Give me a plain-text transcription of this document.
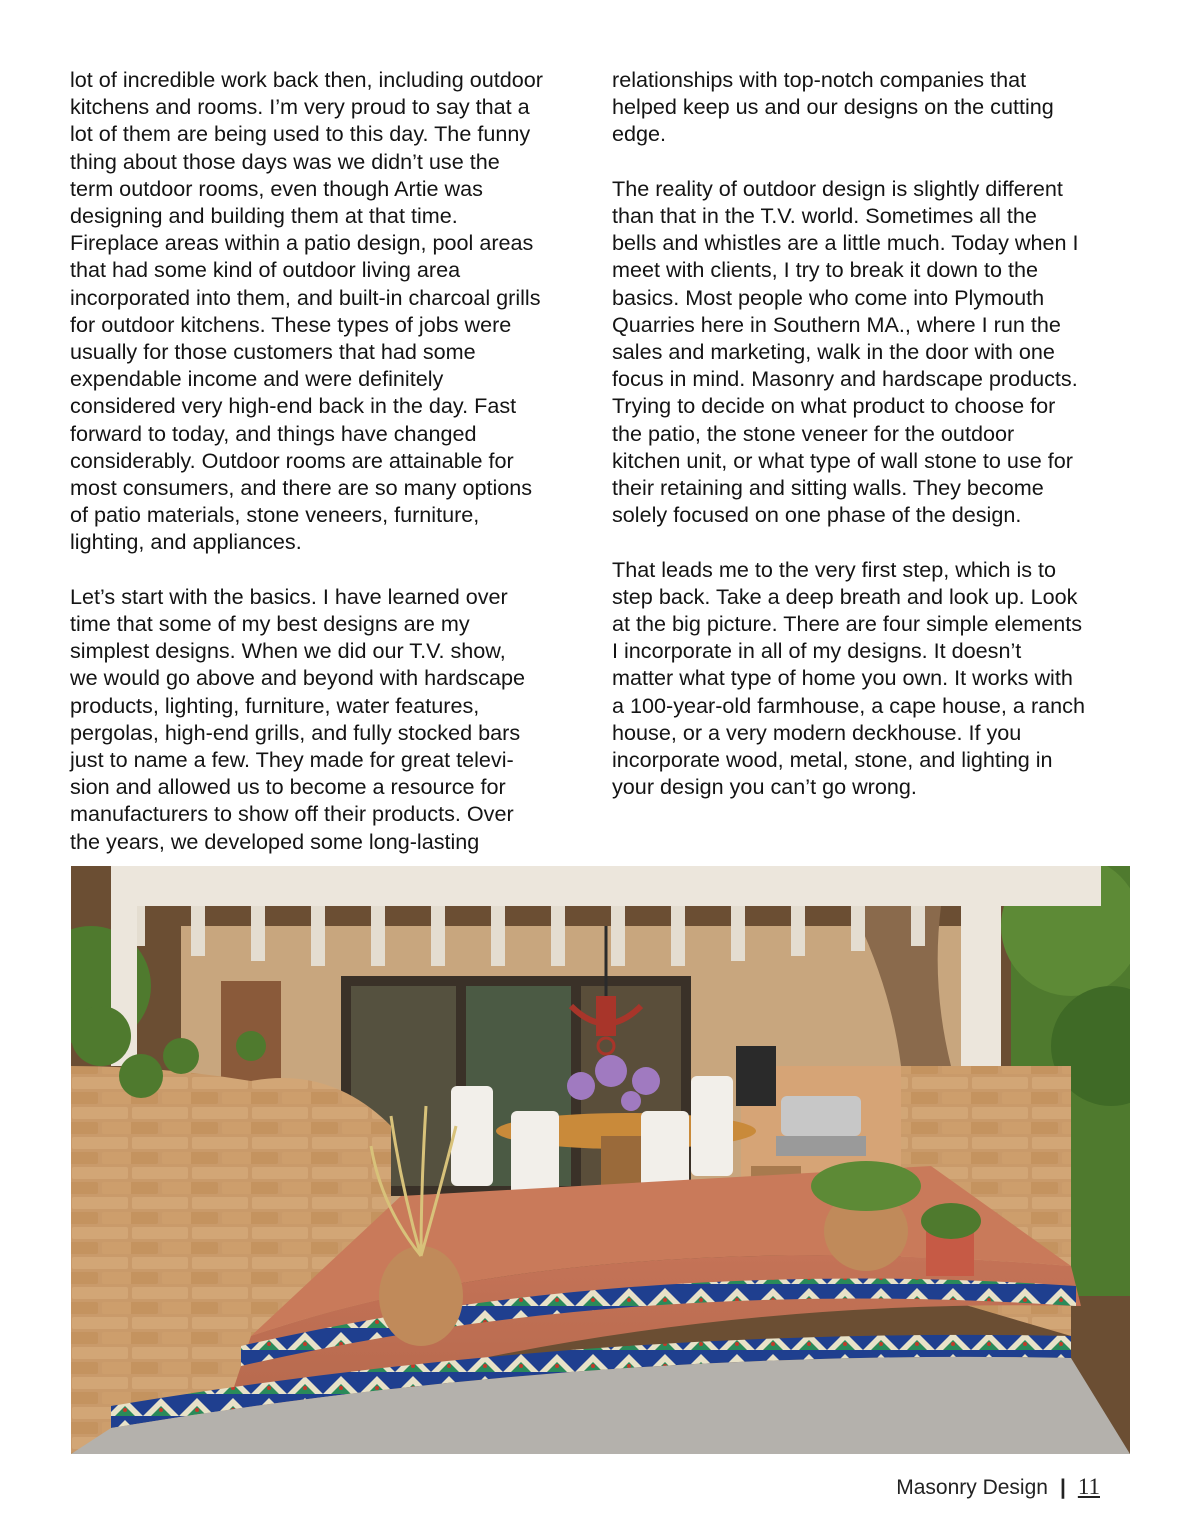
lot of incredible work back then, including outdoor
kitchens and rooms. I’m very proud to say that a
lot of them are being used to this day. The funny
thing about those days was we didn’t use the
term outdoor rooms, even though Artie was
designing and building them at that time.
Fireplace areas within a patio design, pool areas
that had some kind of outdoor living area
incorporated into them, and built-in charcoal grills
for outdoor kitchens. These types of jobs were
usually for those customers that had some
expendable income and were definitely
considered very high-end back in the day. Fast
forward to today, and things have changed
considerably. Outdoor rooms are attainable for
most consumers, and there are so many options
of patio materials, stone veneers, furniture,
lighting, and appliances.

Let’s start with the basics. I have learned over
time that some of my best designs are my
simplest designs. When we did our T.V. show,
we would go above and beyond with hardscape
products, lighting, furniture, water features,
pergolas, high-end grills, and fully stocked bars
just to name a few. They made for great televi-
sion and allowed us to become a resource for
manufacturers to show off their products. Over
the years, we developed some long-lasting

relationships with top-notch companies that
helped keep us and our designs on the cutting
edge.

The reality of outdoor design is slightly different
than that in the T.V. world. Sometimes all the
bells and whistles are a little much. Today when I
meet with clients, I try to break it down to the
basics. Most people who come into Plymouth
Quarries here in Southern MA., where I run the
sales and marketing, walk in the door with one
focus in mind. Masonry and hardscape products.
Trying to decide on what product to choose for
the patio, the stone veneer for the outdoor
kitchen unit, or what type of wall stone to use for
their retaining and sitting walls. They become
solely focused on one phase of the design.

That leads me to the very first step, which is to
step back. Take a deep breath and look up. Look
at the big picture. There are four simple elements
I incorporate in all of my designs. It doesn’t
matter what type of home you own. It works with
a 100-year-old farmhouse, a cape house, a ranch
house, or a very modern deckhouse. If you
incorporate wood, metal, stone, and lighting in
your design you can’t go wrong.

Masonry Design | 11
